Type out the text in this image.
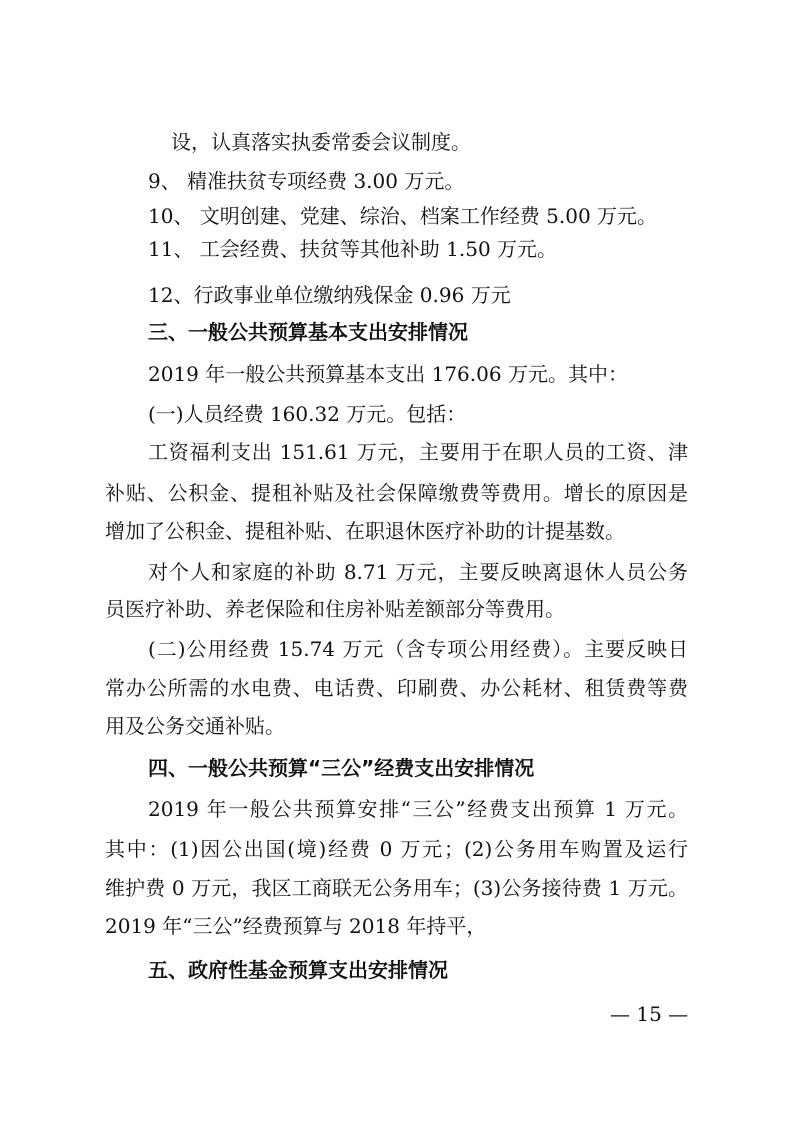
设，认真落实执委常委会议制度。
9、 精准扶贫专项经费 3.00 万元。
10、 文明创建、党建、综治、档案工作经费 5.00 万元。
11、 工会经费、扶贫等其他补助 1.50 万元。
12、行政事业单位缴纳残保金 0.96 万元
三、一般公共预算基本支出安排情况
2019 年一般公共预算基本支出 176.06 万元。其中：
(一)人员经费 160.32 万元。包括：
工资福利支出 151.61 万元，主要用于在职人员的工资、津
补贴、公积金、提租补贴及社会保障缴费等费用。增长的原因是
增加了公积金、提租补贴、在职退休医疗补助的计提基数。
对个人和家庭的补助 8.71 万元，主要反映离退休人员公务
员医疗补助、养老保险和住房补贴差额部分等费用。
(二)公用经费 15.74 万元（含专项公用经费）。主要反映日
常办公所需的水电费、电话费、印刷费、办公耗材、租赁费等费
用及公务交通补贴。
四、一般公共预算“三公”经费支出安排情况
2019 年一般公共预算安排“三公”经费支出预算 1 万元。
其中：(1)因公出国(境)经费 0 万元；(2)公务用车购置及运行
维护费 0 万元，我区工商联无公务用车；(3)公务接待费 1 万元。
2019 年“三公”经费预算与 2018 年持平，
五、政府性基金预算支出安排情况
— 15 —
